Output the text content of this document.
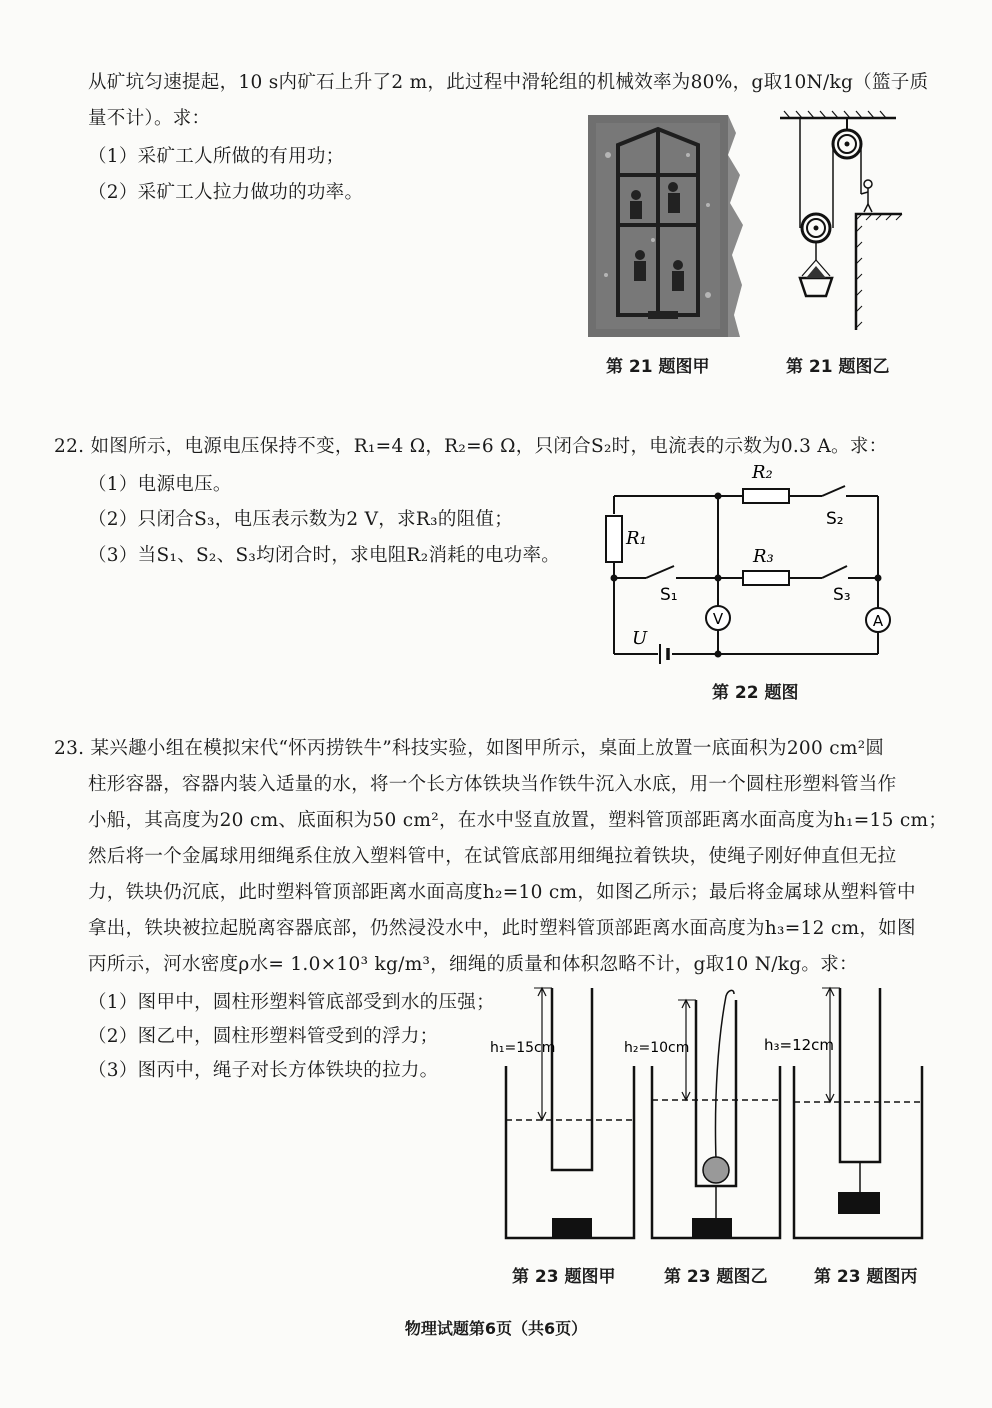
从矿坑匀速提起，10 s内矿石上升了2 m，此过程中滑轮组的机械效率为80%，g取10N/kg（篮子质
量不计）。求：
（1）采矿工人所做的有用功；
（2）采矿工人拉力做功的功率。
第 21 题图甲	第 21 题图乙
22. 如图所示，电源电压保持不变，R₁=4 Ω，R₂=6 Ω，只闭合S₂时，电流表的示数为0.3 A。求：
（1）电源电压。
（2）只闭合S₃，电压表示数为2 V，求R₃的阻值；
（3）当S₁、S₂、S₃均闭合时，求电阻R₂消耗的电功率。
V	A
R₂
R₁
R₃
S₂
S₁	S₃
U
第 22 题图
23. 某兴趣小组在模拟宋代“怀丙捞铁牛”科技实验，如图甲所示，桌面上放置一底面积为200 cm²圆
柱形容器，容器内装入适量的水，将一个长方体铁块当作铁牛沉入水底，用一个圆柱形塑料管当作
小船，其高度为20 cm、底面积为50 cm²，在水中竖直放置，塑料管顶部距离水面高度为h₁=15 cm；
然后将一个金属球用细绳系住放入塑料管中，在试管底部用细绳拉着铁块，使绳子刚好伸直但无拉
力，铁块仍沉底，此时塑料管顶部距离水面高度h₂=10 cm，如图乙所示；最后将金属球从塑料管中
拿出，铁块被拉起脱离容器底部，仍然浸没水中，此时塑料管顶部距离水面高度为h₃=12 cm，如图
丙所示，河水密度ρ水= 1.0×10³ kg/m³，细绳的质量和体积忽略不计，g取10 N/kg。求：
（1）图甲中，圆柱形塑料管底部受到水的压强；
（2）图乙中，圆柱形塑料管受到的浮力；
（3）图丙中，绳子对长方体铁块的拉力。
h₁=15cm
第 23 题图甲
h₂=10cm
第 23 题图乙
h₃=12cm
第 23 题图丙
物理试题第6页（共6页）
